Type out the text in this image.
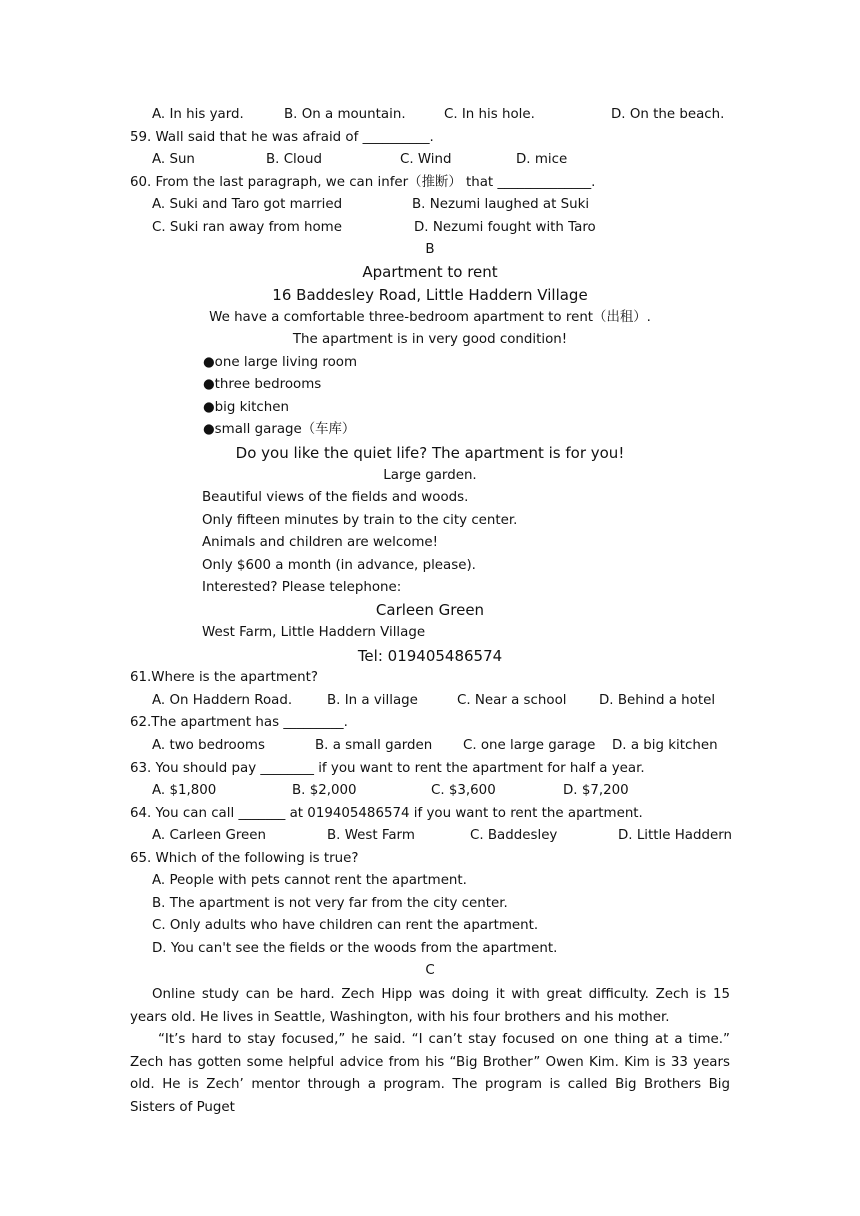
A. In his yard.	B. On a mountain.	C. In his hole.	D. On the beach.
59. Wall said that he was afraid of __________.
A. Sun	B. Cloud	C. Wind	D. mice
60. From the last paragraph, we can infer（推断） that ______________.
A. Suki and Taro got married	B. Nezumi laughed at Suki
C. Suki ran away from home	D. Nezumi fought with Taro
B
Apartment to rent
16 Baddesley Road, Little Haddern Village
We have a comfortable three-bedroom apartment to rent（出租）.
The apartment is in very good condition!
●one large living room
●three bedrooms
●big kitchen
●small garage（车库）
Do you like the quiet life? The apartment is for you!
Large garden.
Beautiful views of the fields and woods.
Only fifteen minutes by train to the city center.
Animals and children are welcome!
Only $600 a month (in advance, please).
Interested? Please telephone:
Carleen Green
West Farm, Little Haddern Village
Tel: 019405486574
61.Where is the apartment?
A. On Haddern Road.	B. In a village	C. Near a school D. Behind a hotel
62.The apartment has _________.
A. two bedrooms	B. a small garden C. one large garage D. a big kitchen
63. You should pay ________ if you want to rent the apartment for half a year.
A. $1,800	B. $2,000	C. $3,600	D. $7,200
64. You can call _______ at 019405486574 if you want to rent the apartment.
A. Carleen Green	B. West Farm	C. Baddesley	D. Little Haddern
65. Which of the following is true?
A. People with pets cannot rent the apartment.
B. The apartment is not very far from the city center.
C. Only adults who have children can rent the apartment.
D. You can't see the fields or the woods from the apartment.
C
Online study can be hard. Zech Hipp was doing it with great difficulty. Zech is 15 years old. He lives in Seattle, Washington, with his four brothers and his mother.
“It’s hard to stay focused,” he said. “I can’t stay focused on one thing at a time.” Zech has gotten some helpful advice from his “Big Brother” Owen Kim. Kim is 33 years old. He is Zech’ mentor through a program. The program is called Big Brothers Big Sisters of Puget
